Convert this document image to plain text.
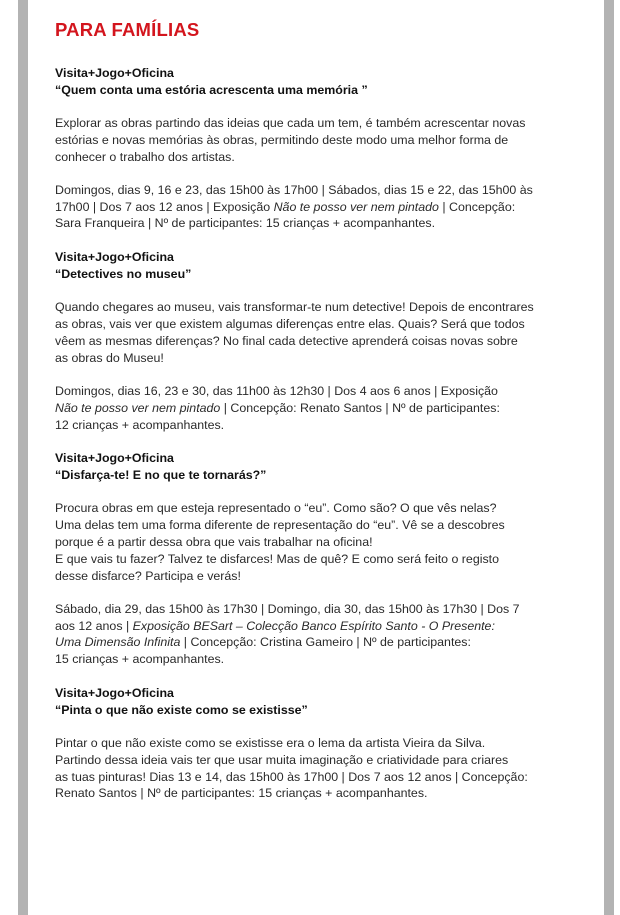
PARA FAMÍLIAS
Visita+Jogo+Oficina
“Quem conta uma estória acrescenta uma memória ”

Explorar as obras partindo das ideias que cada um tem, é também acrescentar novas
estórias e novas memórias às obras, permitindo deste modo uma melhor forma de
conhecer o trabalho dos artistas.

Domingos, dias 9, 16 e 23, das 15h00 às 17h00 | Sábados, dias 15 e 22, das 15h00 às
17h00 | Dos 7 aos 12 anos | Exposição Não te posso ver nem pintado | Concepção:
Sara Franqueira | Nº de participantes: 15 crianças + acompanhantes.

Visita+Jogo+Oficina
“Detectives no museu”

Quando chegares ao museu, vais transformar-te num detective! Depois de encontrares
as obras, vais ver que existem algumas diferenças entre elas. Quais? Será que todos
vêem as mesmas diferenças? No final cada detective aprenderá coisas novas sobre
as obras do Museu!

Domingos, dias 16, 23 e 30, das 11h00 às 12h30 | Dos 4 aos 6 anos | Exposição
Não te posso ver nem pintado | Concepção: Renato Santos | Nº de participantes:
12 crianças + acompanhantes.

Visita+Jogo+Oficina
“Disfarça-te! E no que te tornarás?”

Procura obras em que esteja representado o “eu”. Como são? O que vês nelas?
Uma delas tem uma forma diferente de representação do “eu”. Vê se a descobres
porque é a partir dessa obra que vais trabalhar na oficina!
E que vais tu fazer? Talvez te disfarces! Mas de quê? E como será feito o registo
desse disfarce? Participa e verás!

Sábado, dia 29, das 15h00 às 17h30 | Domingo, dia 30, das 15h00 às 17h30 | Dos 7
aos 12 anos | Exposição BESart – Colecção Banco Espírito Santo - O Presente:
Uma Dimensão Infinita | Concepção: Cristina Gameiro | Nº de participantes:
15 crianças + acompanhantes.

Visita+Jogo+Oficina
“Pinta o que não existe como se existisse”

Pintar o que não existe como se existisse era o lema da artista Vieira da Silva.
Partindo dessa ideia vais ter que usar muita imaginação e criatividade para criares
as tuas pinturas! Dias 13 e 14, das 15h00 às 17h00 | Dos 7 aos 12 anos | Concepção:
Renato Santos | Nº de participantes: 15 crianças + acompanhantes.
